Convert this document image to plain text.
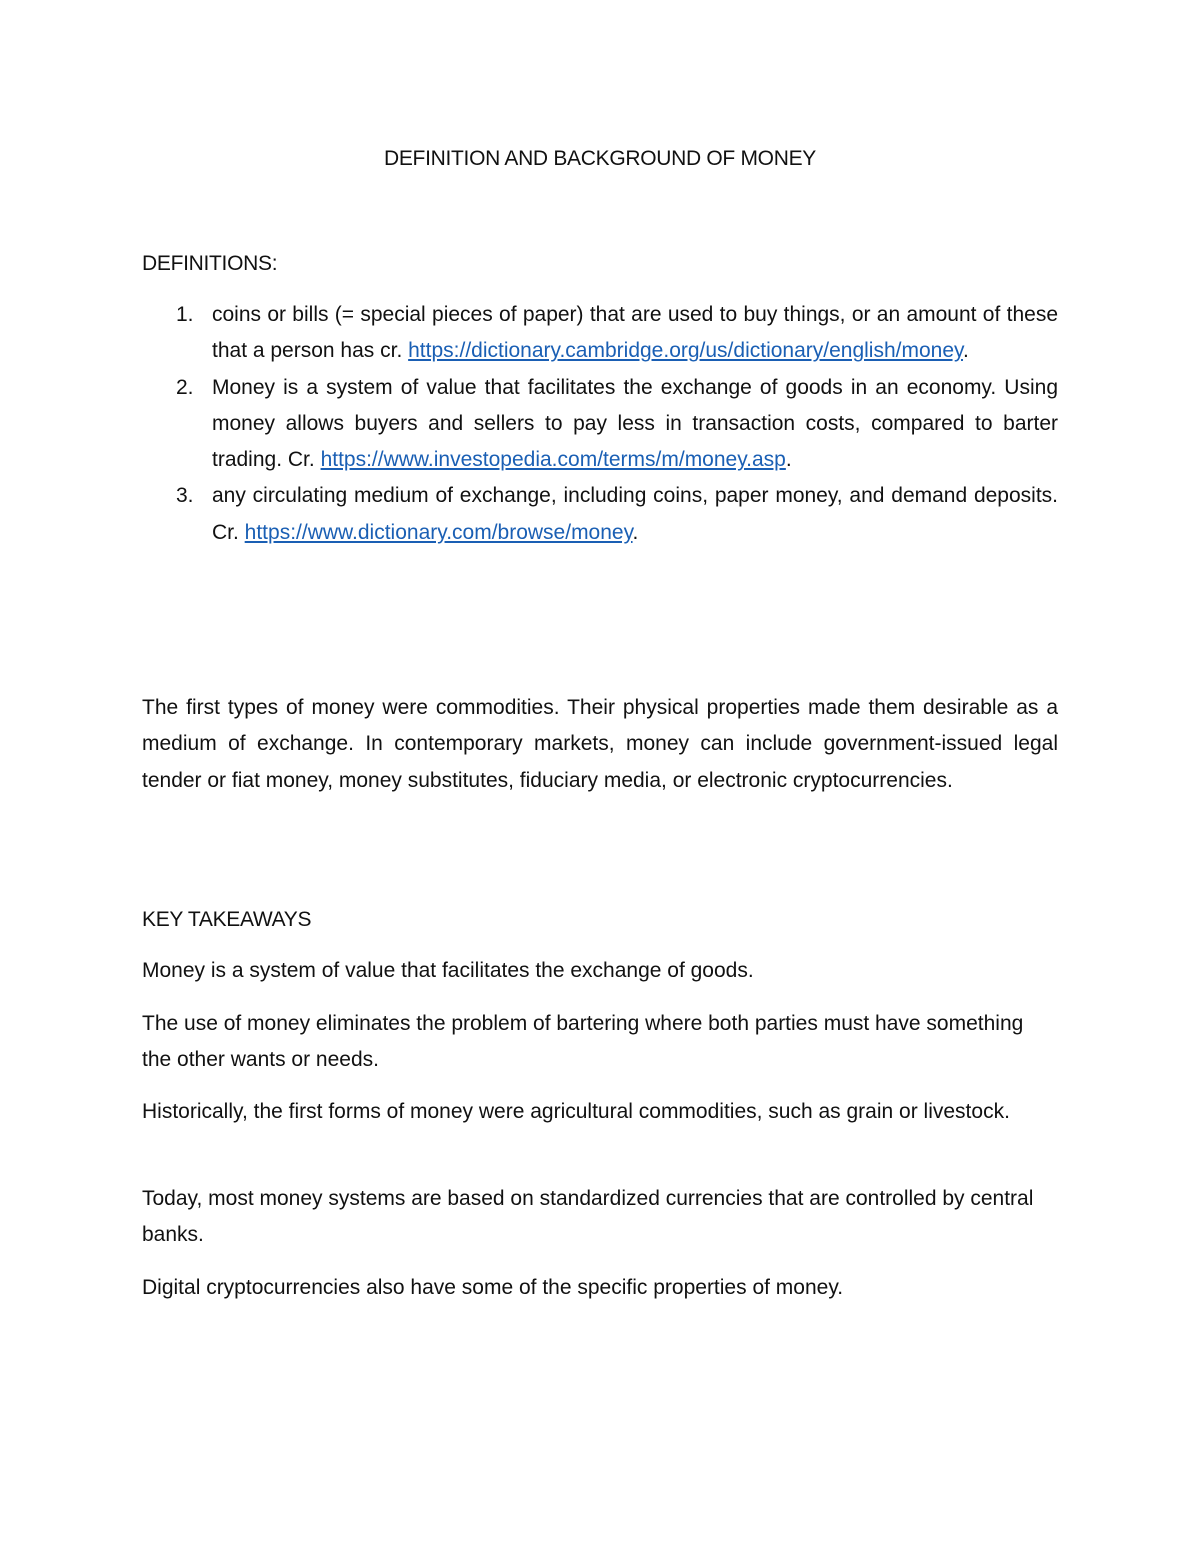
DEFINITION AND BACKGROUND OF MONEY
DEFINITIONS:
1. coins or bills (= special pieces of paper) that are used to buy things, or an amount of these that a person has cr. https://dictionary.cambridge.org/us/dictionary/english/money.
2. Money is a system of value that facilitates the exchange of goods in an economy. Using money allows buyers and sellers to pay less in transaction costs, compared to barter trading. Cr. https://www.investopedia.com/terms/m/money.asp.
3. any circulating medium of exchange, including coins, paper money, and demand deposits. Cr. https://www.dictionary.com/browse/money.

The first types of money were commodities. Their physical properties made them desirable as a medium of exchange. In contemporary markets, money can include government-issued legal tender or fiat money, money substitutes, fiduciary media, or electronic cryptocurrencies.

KEY TAKEAWAYS

Money is a system of value that facilitates the exchange of goods.

The use of money eliminates the problem of bartering where both parties must have something the other wants or needs.

Historically, the first forms of money were agricultural commodities, such as grain or livestock.

Today, most money systems are based on standardized currencies that are controlled by central banks.

Digital cryptocurrencies also have some of the specific properties of money.
